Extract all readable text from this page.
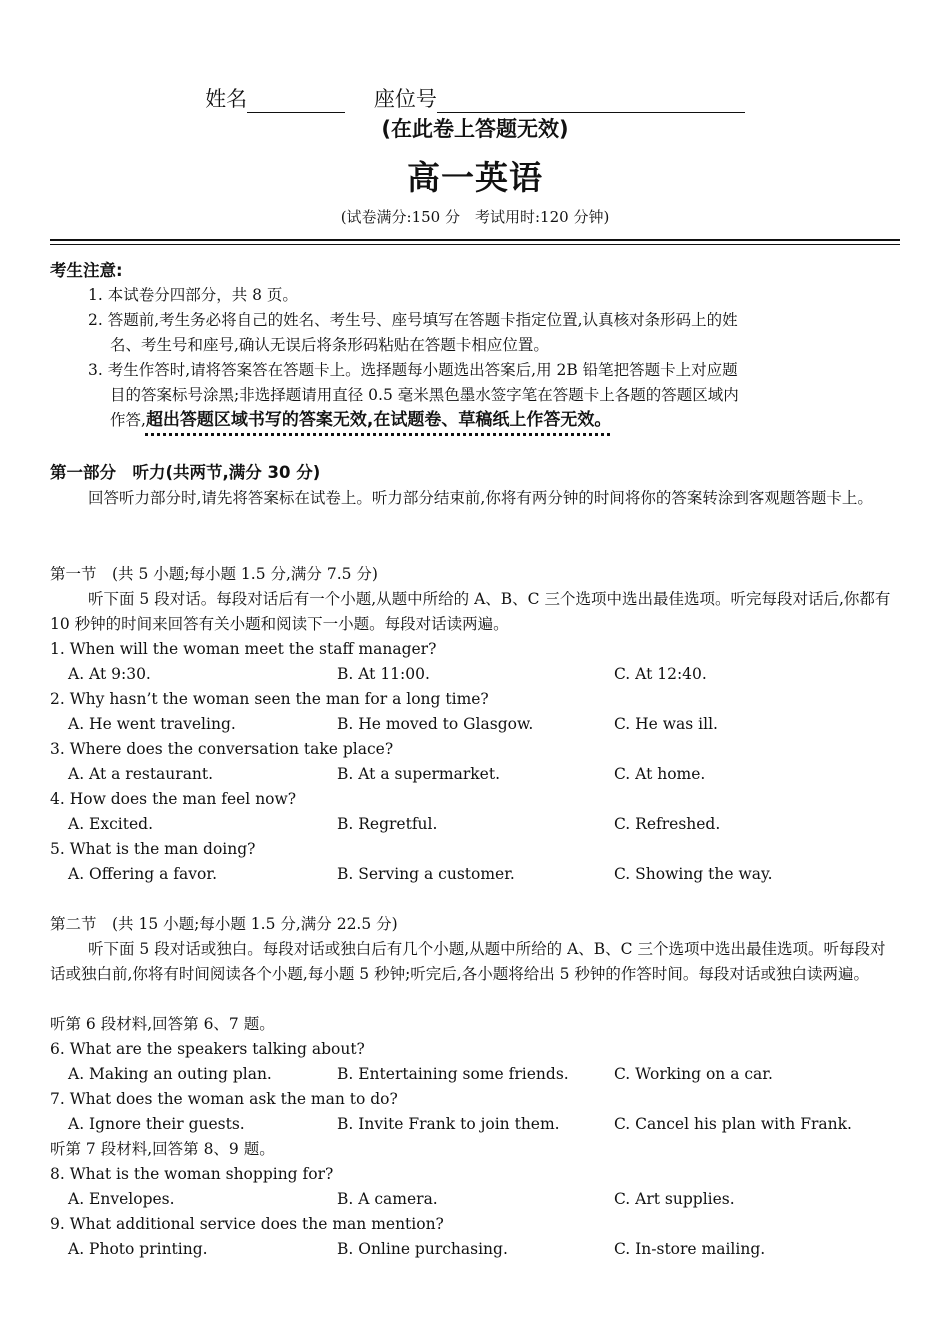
姓名	座位号
(在此卷上答题无效)
高一英语
(试卷满分:150 分　考试用时:120 分钟)
考生注意:
1. 本试卷分四部分，共 8 页。
2. 答题前,考生务必将自己的姓名、考生号、座号填写在答题卡指定位置,认真核对条形码上的姓
名、考生号和座号,确认无误后将条形码粘贴在答题卡相应位置。
3. 考生作答时,请将答案答在答题卡上。选择题每小题选出答案后,用 2B 铅笔把答题卡上对应题
目的答案标号涂黑;非选择题请用直径 0.5 毫米黑色墨水签字笔在答题卡上各题的答题区域内
作答,超出答题区域书写的答案无效,在试题卷、草稿纸上作答无效。
第一部分　听力(共两节,满分 30 分)
回答听力部分时,请先将答案标在试卷上。听力部分结束前,你将有两分钟的时间将你的答案转涂到客观题答题卡上。
第一节　(共 5 小题;每小题 1.5 分,满分 7.5 分)
听下面 5 段对话。每段对话后有一个小题,从题中所给的 A、B、C 三个选项中选出最佳选项。听完每段对话后,你都有 10 秒钟的时间来回答有关小题和阅读下一小题。每段对话读两遍。
1. When will the woman meet the staff manager?
A. At 9:30.	B. At 11:00.	C. At 12:40.
2. Why hasn’t the woman seen the man for a long time?
A. He went traveling.	B. He moved to Glasgow.	C. He was ill.
3. Where does the conversation take place?
A. At a restaurant.	B. At a supermarket.	C. At home.
4. How does the man feel now?
A. Excited.	B. Regretful.	C. Refreshed.
5. What is the man doing?
A. Offering a favor.	B. Serving a customer.	C. Showing the way.
第二节　(共 15 小题;每小题 1.5 分,满分 22.5 分)
听下面 5 段对话或独白。每段对话或独白后有几个小题,从题中所给的 A、B、C 三个选项中选出最佳选项。听每段对话或独白前,你将有时间阅读各个小题,每小题 5 秒钟;听完后,各小题将给出 5 秒钟的作答时间。每段对话或独白读两遍。
听第 6 段材料,回答第 6、7 题。
6. What are the speakers talking about?
A. Making an outing plan.	B. Entertaining some friends.	C. Working on a car.
7. What does the woman ask the man to do?
A. Ignore their guests.	B. Invite Frank to join them.	C. Cancel his plan with Frank.
听第 7 段材料,回答第 8、9 题。
8. What is the woman shopping for?
A. Envelopes.	B. A camera.	C. Art supplies.
9. What additional service does the man mention?
A. Photo printing.	B. Online purchasing.	C. In-store mailing.
